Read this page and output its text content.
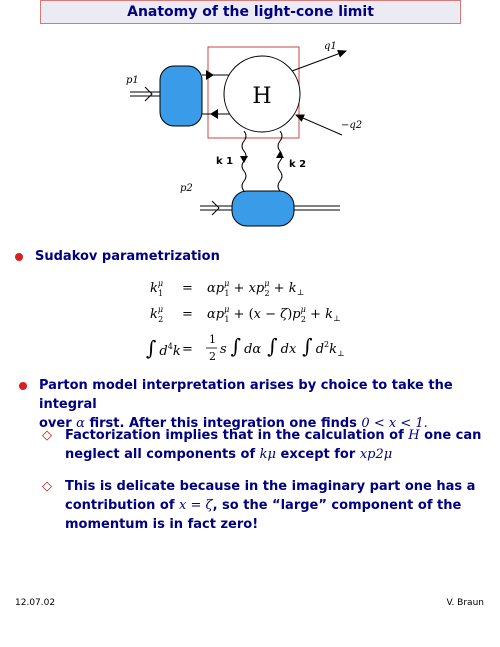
Anatomy of the light-cone limit
H
p1
p2
q1
−q2
k 1	k 2
Sudakov parametrization
$k^\mu$ $1 = \alpha p^\mu$ $1 + xp^\mu$ $2 + k_\perp$
$k^\mu$ $2 = \alpha p^\mu$ $1 + (x - \zeta)p^\mu$ $2 + k_\perp$
∫ $d^4k$ =
1
2 s ∫ dα ∫ dx ∫ $d^2k_\perp$
Parton model interpretation arises by choice to take the integral
over α first. After this integration one finds 0 < x < 1.
◇ Factorization implies that in the calculation of H one can
neglect all components of kμ except for xp2μ
◇ This is delicate because in the imaginary part one has a
contribution of x = ζ, so the “large” component of the
momentum is in fact zero!
12.07.02	V. Braun
